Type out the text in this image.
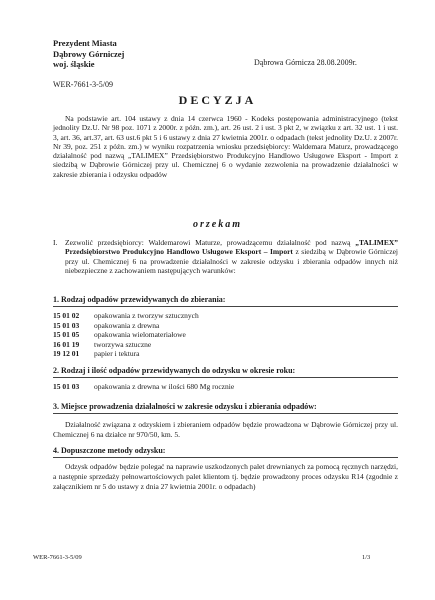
Prezydent Miasta
Dąbrowy Górniczej
woj. śląskie	Dąbrowa Górnicza 28.08.2009r.
WER-7661-3-5/09
DECYZJA
Na podstawie art. 104 ustawy z dnia 14 czerwca 1960 - Kodeks postępowania administracyjnego (tekst jednolity Dz.U. Nr 98 poz. 1071 z 2000r. z późn. zm.), art. 26 ust. 2 i ust. 3 pkt 2, w związku z art. 32 ust. 1 i ust. 3, art. 36, art.37, art. 63 ust.6 pkt 5 i 6 ustawy z dnia 27 kwietnia 2001r. o odpadach (tekst jednolity Dz.U. z 2007r. Nr 39, poz. 251 z późn. zm.) w wyniku rozpatrzenia wniosku przedsiębiorcy: Waldemara Maturz, prowadzącego działalność pod nazwą „TALIMEX” Przedsiębiorstwo Produkcyjno Handlowo Usługowe Eksport - Import z siedzibą w Dąbrowie Górniczej przy ul. Chemicznej 6 o wydanie zezwolenia na prowadzenie działalności w zakresie zbierania i odzysku odpadów
orzekam
I. Zezwolić przedsiębiorcy: Waldemarowi Maturze, prowadzącemu działalność pod nazwą „TALIMEX” Przedsiębiorstwo Produkcyjno Handlowo Usługowe Eksport – Import z siedzibą w Dąbrowie Górniczej przy ul. Chemicznej 6 na prowadzenie działalności w zakresie odzysku i zbierania odpadów innych niż niebezpieczne z zachowaniem następujących warunków:
1. Rodzaj odpadów przewidywanych do zbierania:
15 01 02 opakowania z tworzyw sztucznych
15 01 03 opakowania z drewna
15 01 05 opakowania wielomateriałowe
16 01 19 tworzywa sztuczne
19 12 01 papier i tektura
2. Rodzaj i ilość odpadów przewidywanych do odzysku w okresie roku:
15 01 03 opakowania z drewna w ilości 680 Mg rocznie
3. Miejsce prowadzenia działalności w zakresie odzysku i zbierania odpadów:
Działalność związana z odzyskiem i zbieraniem odpadów będzie prowadzona w Dąbrowie Górniczej przy ul. Chemicznej 6 na działce nr 970/50, km. 5.
4. Dopuszczone metody odzysku:
Odzysk odpadów będzie polegać na naprawie uszkodzonych palet drewnianych za pomocą ręcznych narzędzi, a następnie sprzedaży pełnowartościowych palet klientom tj. będzie prowadzony proces odzysku R14 (zgodnie z załącznikiem nr 5 do ustawy z dnia 27 kwietnia 2001r. o odpadach)
WER-7661-3-5/09	1/3
